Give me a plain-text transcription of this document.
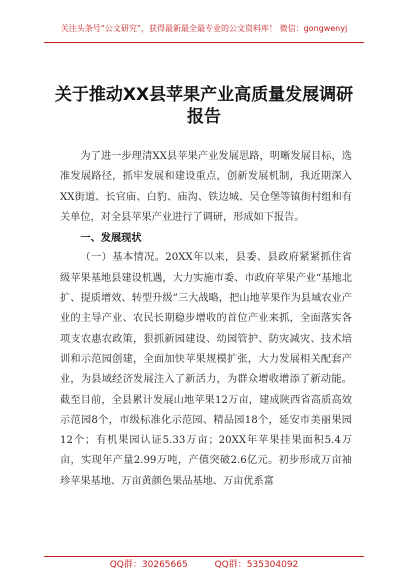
关注头条号“公文研究”，获得最新最全最专业的公文资料库！ 微信：gongwenyj
关于推动XX县苹果产业高质量发展调研
报告

为了进一步理清XX县苹果产业发展思路，明晰发展目标，选准发展路径，抓牢发展和建设重点，创新发展机制，我近期深入XX街道、长官庙、白豹、庙沟、铁边城、吴仓堡等镇街村组和有关单位，对全县苹果产业进行了调研，形成如下报告。

一、发展现状

（一）基本情况。20XX年以来，县委、县政府紧紧抓住省级苹果基地县建设机遇，大力实施市委、市政府苹果产业“基地北扩、提质增效、转型升级”三大战略，把山地苹果作为县域农业产业的主导产业、农民长期稳步增收的首位产业来抓，全面落实各项支农惠农政策，狠抓新园建设、幼园管护、防灾减灾、技术培训和示范园创建，全面加快苹果规模扩张，大力发展相关配套产业，为县域经济发展注入了新活力，为群众增收增添了新动能。截至目前，全县累计发展山地苹果12万亩，建成陕西省高质高效示范园8个，市级标准化示范园、精品园18个，延安市美丽果园12个；有机果园认证5.33万亩；20XX年苹果挂果面积5.4万亩，实现年产量2.99万吨，产值突破2.6亿元。初步形成万亩袖珍苹果基地、万亩黄颜色果品基地、万亩优系富

QQ群：30265665	QQ群：535304092
